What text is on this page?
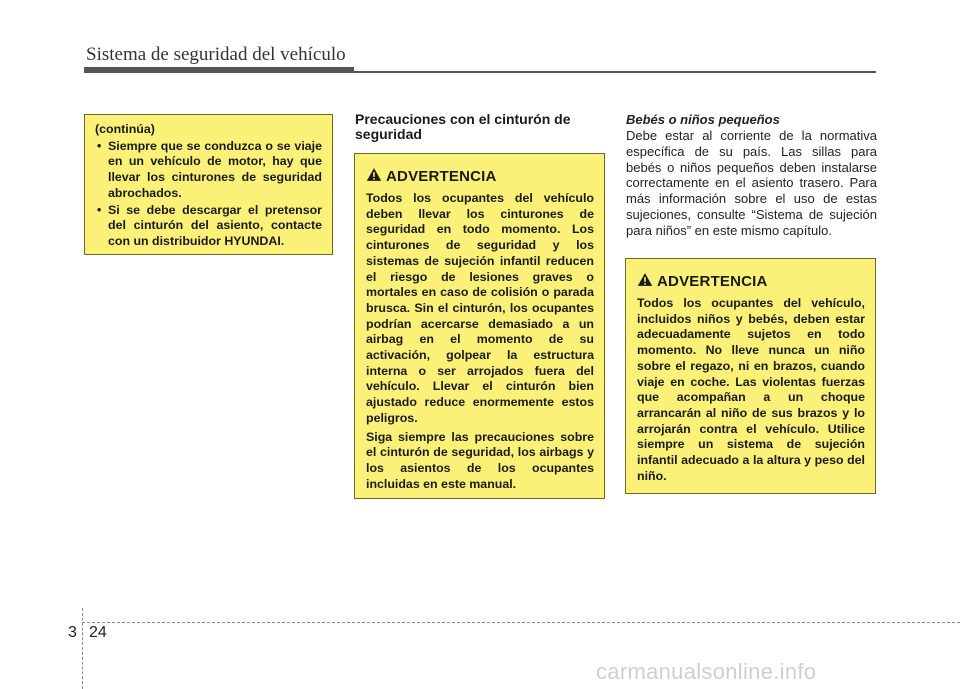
Sistema de seguridad del vehículo
(continúa)
• Siempre que se conduzca o se viaje en un vehículo de motor, hay que llevar los cinturones de seguridad abrochados.
• Si se debe descargar el pretensor del cinturón del asiento, contacte con un distribuidor HYUNDAI.
Precauciones con el cinturón de seguridad
ADVERTENCIA

Todos los ocupantes del vehículo deben llevar los cinturones de seguridad en todo momento. Los cinturones de seguridad y los sistemas de sujeción infantil reducen el riesgo de lesiones graves o mortales en caso de colisión o parada brusca. Sin el cinturón, los ocupantes podrían acercarse demasiado a un airbag en el momento de su activación, golpear la estructura interna o ser arrojados fuera del vehículo. Llevar el cinturón bien ajustado reduce enormemente estos peligros.

Siga siempre las precauciones sobre el cinturón de seguridad, los airbags y los asientos de los ocupantes incluidas en este manual.

Bebés o niños pequeños

Debe estar al corriente de la normativa específica de su país. Las sillas para bebés o niños pequeños deben instalarse correctamente en el asiento trasero. Para más información sobre el uso de estas sujeciones, consulte “Sistema de sujeción para niños” en este mismo capítulo.

ADVERTENCIA

Todos los ocupantes del vehículo, incluidos niños y bebés, deben estar adecuadamente sujetos en todo momento. No lleve nunca un niño sobre el regazo, ni en brazos, cuando viaje en coche. Las violentas fuerzas que acompañan a un choque arrancarán al niño de sus brazos y lo arrojarán contra el vehículo. Utilice siempre un sistema de sujeción infantil adecuado a la altura y peso del niño.

3 24
carmanualsonline.info
